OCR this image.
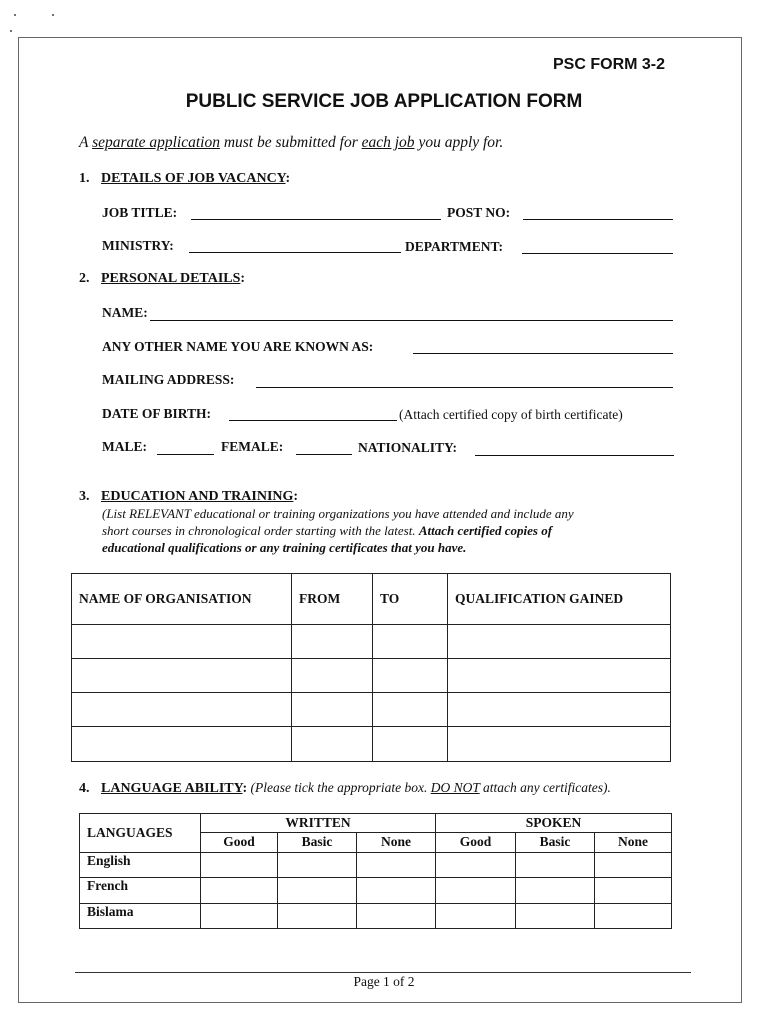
PSC FORM 3-2
PUBLIC SERVICE JOB APPLICATION FORM
A separate application must be submitted for each job you apply for.
1. DETAILS OF JOB VACANCY:
JOB TITLE:	POST NO:
MINISTRY:	DEPARTMENT:
2. PERSONAL DETAILS:
NAME:
ANY OTHER NAME YOU ARE KNOWN AS:
MAILING ADDRESS:
DATE OF BIRTH:	(Attach certified copy of birth certificate)
MALE:	FEMALE:	NATIONALITY:
3. EDUCATION AND TRAINING:
(List RELEVANT educational or training organizations you have attended and include any
short courses in chronological order starting with the latest. Attach certified copies of
educational qualifications or any training certificates that you have.
NAME OF ORGANISATION	FROM	TO	QUALIFICATION GAINED

4. LANGUAGE ABILITY: (Please tick the appropriate box. DO NOT attach any certificates).
LANGUAGES	WRITTEN			SPOKEN		
	Good	Basic	None	Good	Basic	None
English						
French						
Bislama						
Page 1 of 2
